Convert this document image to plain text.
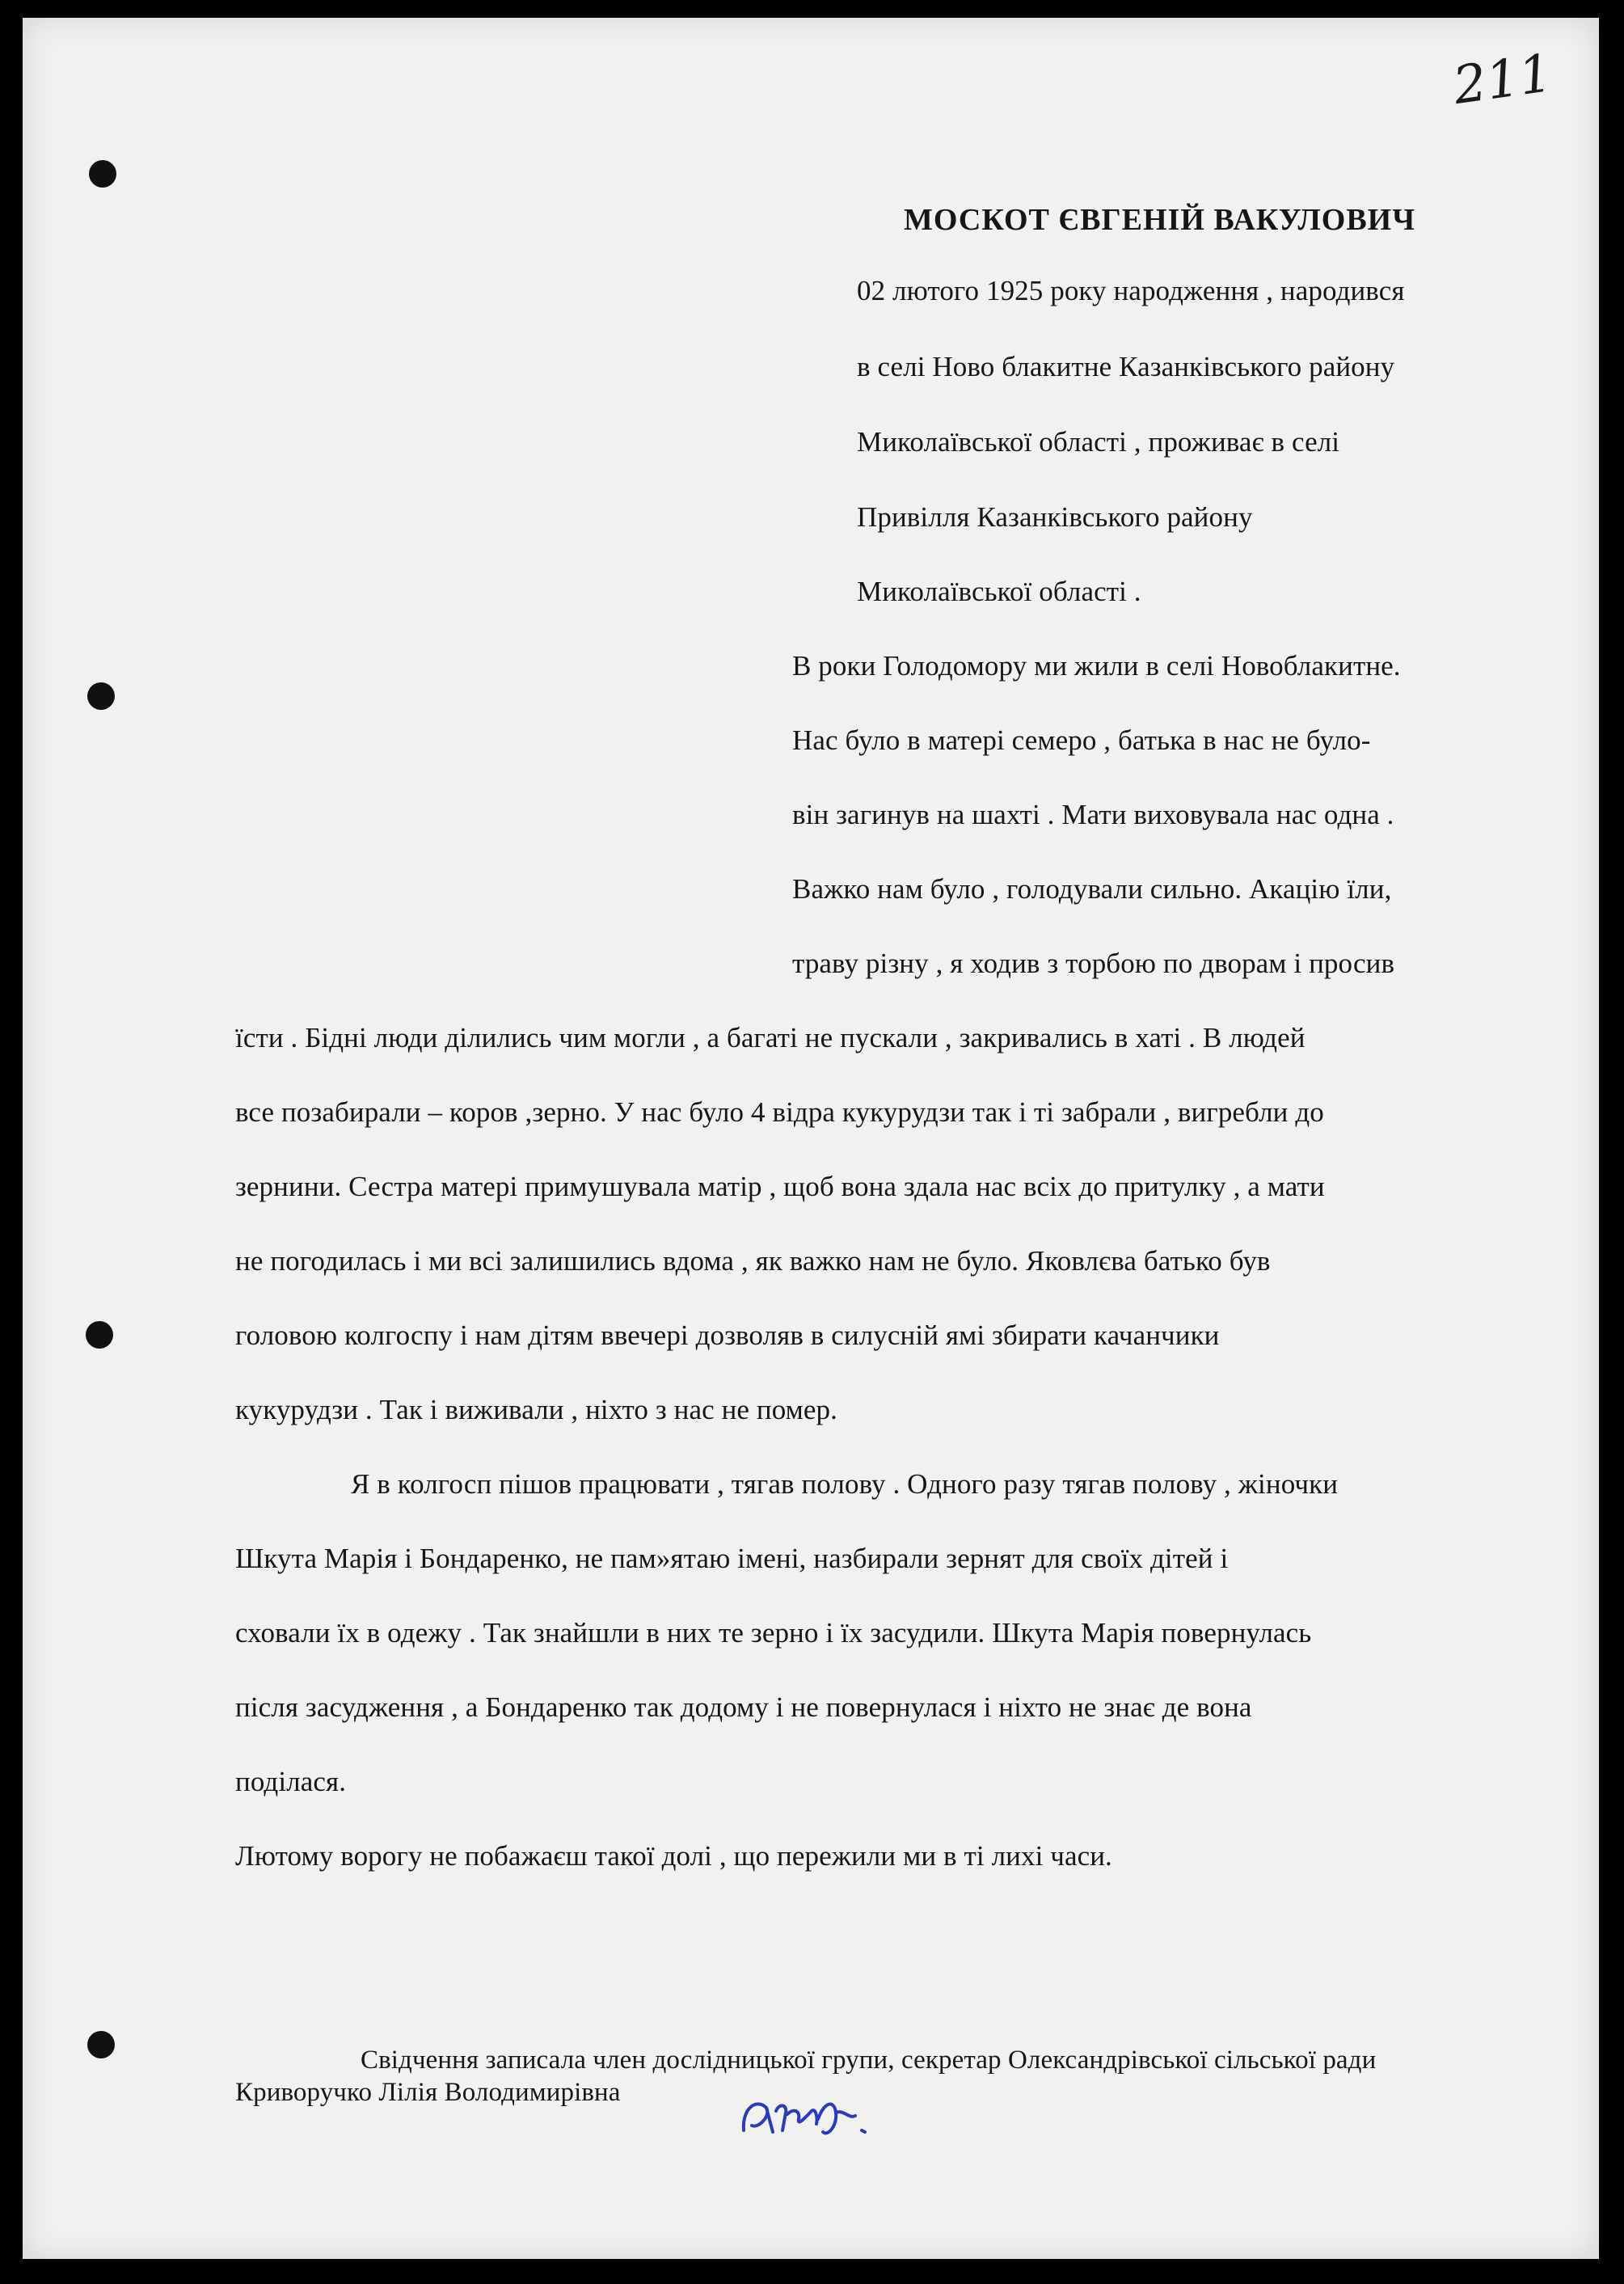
211
МОСКОТ ЄВГЕНІЙ ВАКУЛОВИЧ
02 лютого 1925 року народження , народився
в селі Ново блакитне Казанківського району
Миколаївської області , проживає в селі
Привілля Казанківського району
Миколаївської області .
В роки Голодомору ми жили в селі Новоблакитне.
Нас було в матері семеро , батька в нас не було-
він загинув на шахті . Мати виховувала нас одна .
Важко нам було , голодували сильно. Акацію їли,
траву різну , я ходив з торбою по дворам і просив
їсти . Бідні люди ділились чим могли , а багаті не пускали , закривались в хаті . В людей
все позабирали – коров ,зерно. У нас було 4 відра кукурудзи так і ті забрали , вигребли до
зернини. Сестра матері примушувала матір , щоб вона здала нас всіх до притулку , а мати
не погодилась і ми всі залишились вдома , як важко нам не було. Яковлєва батько був
головою колгоспу і нам дітям ввечері дозволяв в силусній ямі збирати качанчики
кукурудзи . Так і виживали , ніхто з нас не помер.
Я в колгосп пішов працювати , тягав полову . Одного разу тягав полову , жіночки
Шкута Марія і Бондаренко, не пам»ятаю імені, назбирали зернят для своїх дітей і
сховали їх в одежу . Так знайшли в них те зерно і їх засудили. Шкута Марія повернулась
після засудження , а Бондаренко так додому і не повернулася і ніхто не знає де вона
поділася.
Лютому ворогу не побажаєш такої долі , що пережили ми в ті лихі часи.
Свідчення записала член дослідницької групи, секретар Олександрівської сільської ради
Криворучко Лілія Володимирівна
